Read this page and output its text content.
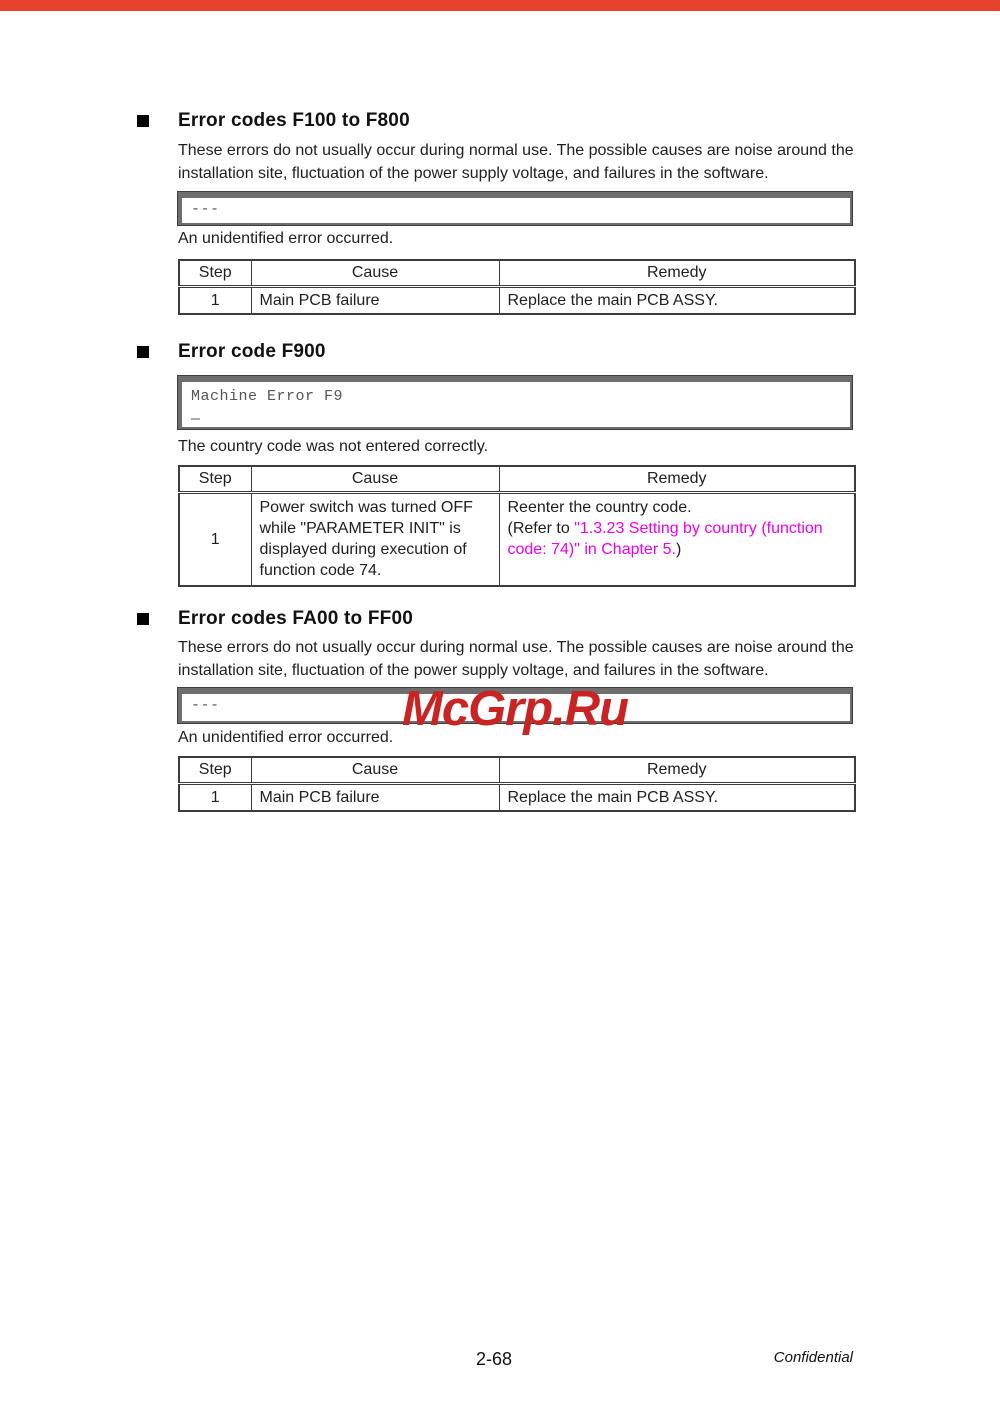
Error codes F100 to F800

These errors do not usually occur during normal use. The possible causes are noise around the installation site, fluctuation of the power supply voltage, and failures in the software.

---

An unidentified error occurred.

Step	Cause	Remedy
1	Main PCB failure	Replace the main PCB ASSY.
Error code F900
Machine Error F9
—

The country code was not entered correctly.

Step	Cause	Remedy
1	Power switch was turned OFF while "PARAMETER INIT" is displayed during execution of function code 74.	Reenter the country code.
(Refer to "1.3.23 Setting by country (function code: 74)" in Chapter 5.)
Error codes FA00 to FF00

These errors do not usually occur during normal use. The possible causes are noise around the installation site, fluctuation of the power supply voltage, and failures in the software.

---	McGrp.Ru

An unidentified error occurred.

Step	Cause	Remedy
1	Main PCB failure	Replace the main PCB ASSY.
2-68	Confidential
